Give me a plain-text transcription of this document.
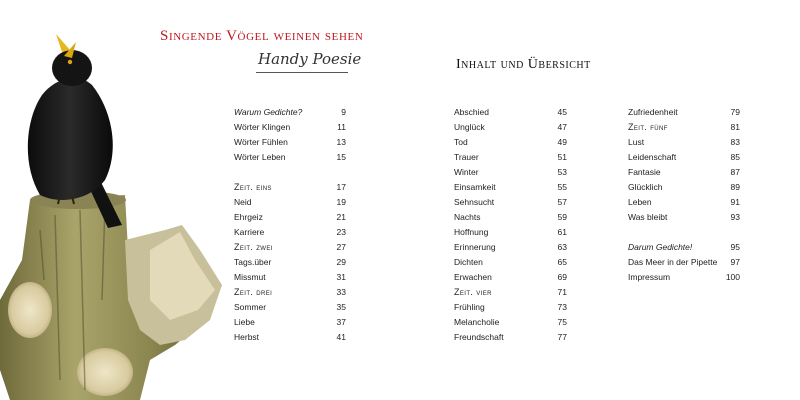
Singende Vögel weinen sehen
Handy Poesie	Inhalt und Übersicht
Warum Gedichte?	9
Wörter Klingen	11
Wörter Fühlen	13
Wörter Leben	15
Zeit. eins	17
Neid	19
Ehrgeiz	21
Karriere	23
Zeit. zwei	27
Tags.über	29
Missmut	31
Zeit. drei	33
Sommer	35
Liebe	37
Herbst	41
Abschied	45
Unglück	47
Tod	49
Trauer	51
Winter	53
Einsamkeit	55
Sehnsucht	57
Nachts	59
Hoffnung	61
Erinnerung	63
Dichten	65
Erwachen	69
Zeit. vier	71
Frühling	73
Melancholie	75
Freundschaft	77
Zufriedenheit	79
Zeit. fünf	81
Lust	83
Leidenschaft	85
Fantasie	87
Glücklich	89
Leben	91
Was bleibt	93
Darum Gedichte!	95
Das Meer in der Pipette 97
Impressum	100
